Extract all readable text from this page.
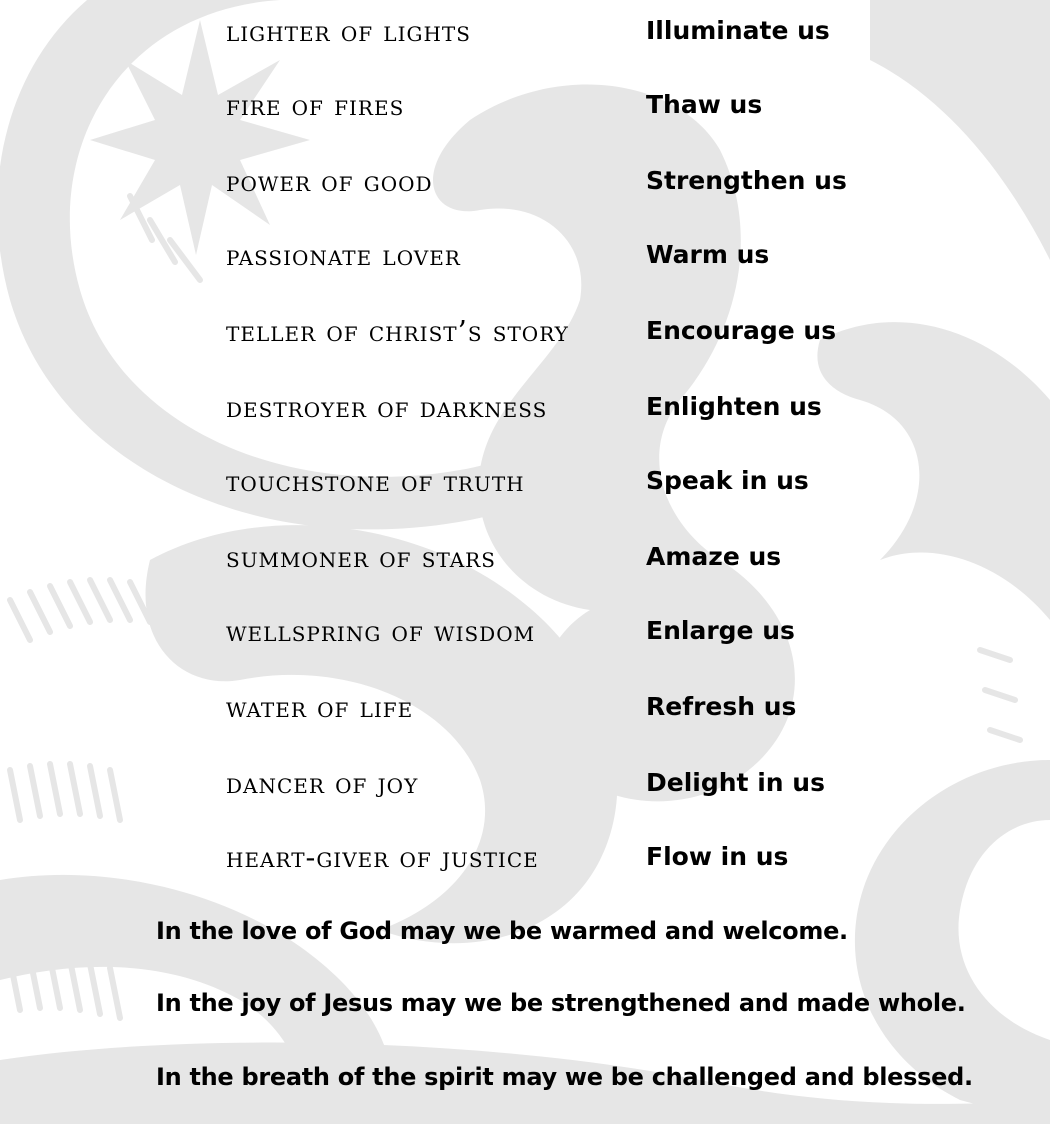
lighter of lights	Illuminate us
fire of fires	Thaw us
power of good	Strengthen us
passionate lover	Warm us
teller of christ’s story	Encourage us
destroyer of darkness	Enlighten us
touchstone of truth	Speak in us
summoner of stars	Amaze us
wellspring of wisdom	Enlarge us
water of life	Refresh us
dancer of joy	Delight in us
heart-giver of justice	Flow in us
In the love of God may we be warmed and welcome.
In the joy of Jesus may we be strengthened and made whole.
In the breath of the spirit may we be challenged and blessed.
